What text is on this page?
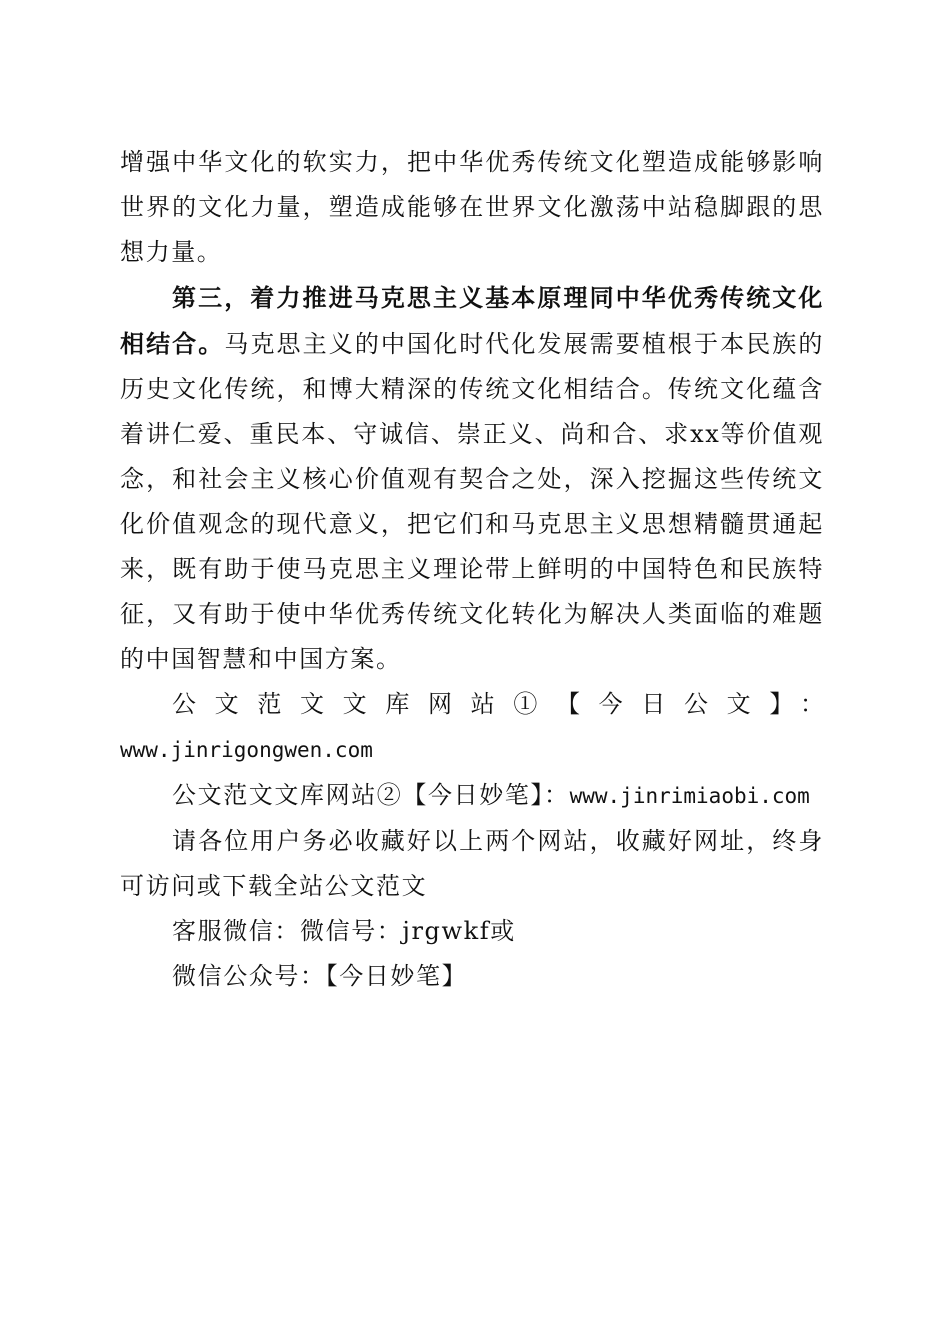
增强中华文化的软实力，把中华优秀传统文化塑造成能够影响世界的文化力量，塑造成能够在世界文化激荡中站稳脚跟的思想力量。

第三，着力推进马克思主义基本原理同中华优秀传统文化相结合。马克思主义的中国化时代化发展需要植根于本民族的历史文化传统，和博大精深的传统文化相结合。传统文化蕴含着讲仁爱、重民本、守诚信、崇正义、尚和合、求xx等价值观念，和社会主义核心价值观有契合之处，深入挖掘这些传统文化价值观念的现代意义，把它们和马克思主义思想精髓贯通起来，既有助于使马克思主义理论带上鲜明的中国特色和民族特征，又有助于使中华优秀传统文化转化为解决人类面临的难题的中国智慧和中国方案。

公文范文文库网站①【今日公文】：

www.jinrigongwen.com

公文范文文库网站②【今日妙笔】：www.jinrimiaobi.com

请各位用户务必收藏好以上两个网站，收藏好网址，终身可访问或下载全站公文范文

客服微信：微信号：jrgwkf或

微信公众号：【今日妙笔】
